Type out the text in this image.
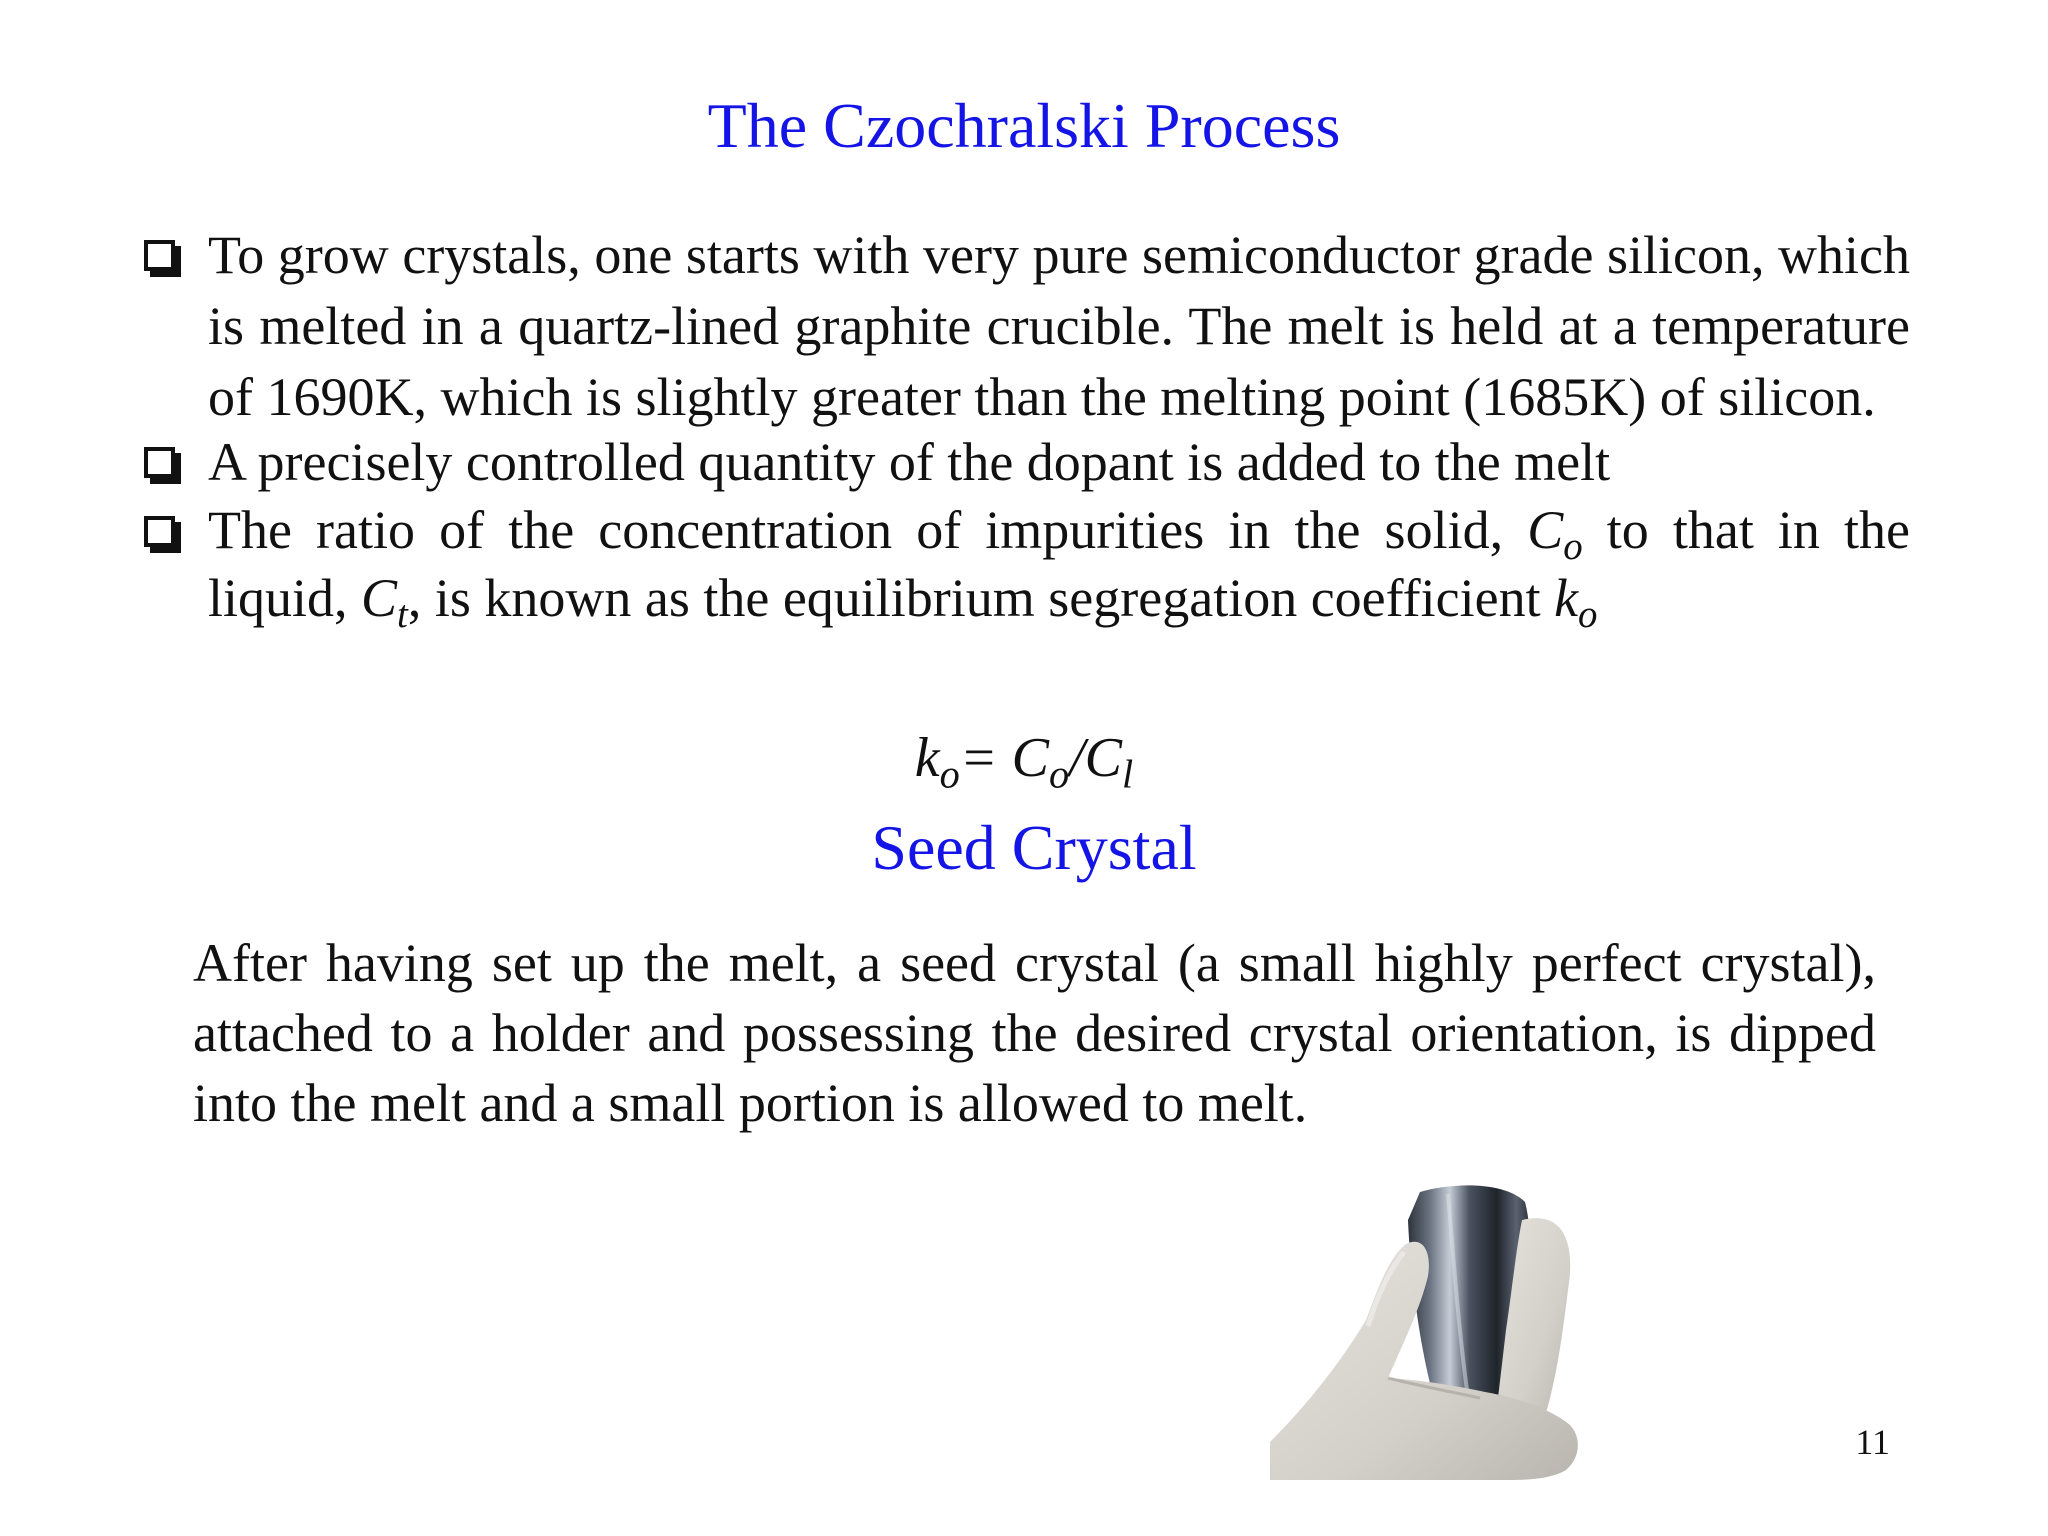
The Czochralski Process
To grow crystals, one starts with very pure semiconductor grade silicon, which is melted in a quartz-lined graphite crucible. The melt is held at a temperature of 1690K, which is slightly greater than the melting point (1685K) of silicon.
A precisely controlled quantity of the dopant is added to the melt
The ratio of the concentration of impurities in the solid, $C_o$ to that in the liquid, $C_t$, is known as the equilibrium segregation coefficient $k_o$
$k_o= C_o/C_l$
Seed Crystal
After having set up the melt, a seed crystal (a small highly perfect crystal), attached to a holder and possessing the desired crystal orientation, is dipped into the melt and a small portion is allowed to melt.
11
